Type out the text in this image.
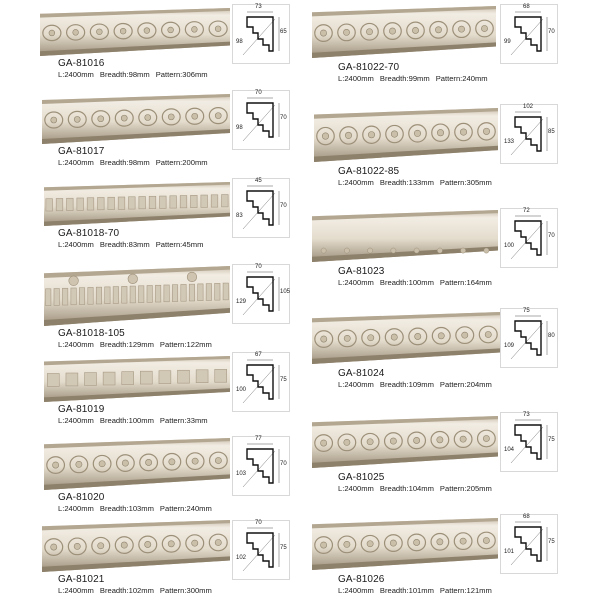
73
65
98
GA-81016
L:2400mm Breadth:98mm Pattern:306mm
70
70
98
GA-81017
L:2400mm Breadth:98mm Pattern:200mm
45
70
83
GA-81018-70
L:2400mm Breadth:83mm Pattern:45mm
70
105
129
GA-81018-105
L:2400mm Breadth:129mm Pattern:122mm
67
75
100
GA-81019
L:2400mm Breadth:100mm Pattern:33mm
77
70
103
GA-81020
L:2400mm Breadth:103mm Pattern:240mm
70
75
102
GA-81021
L:2400mm Breadth:102mm Pattern:300mm
68
70
99
GA-81022-70
L:2400mm Breadth:99mm Pattern:240mm
102
85
133
GA-81022-85
L:2400mm Breadth:133mm Pattern:305mm
72
70
100
GA-81023
L:2400mm Breadth:100mm Pattern:164mm
75
80
109
GA-81024
L:2400mm Breadth:109mm Pattern:204mm
73
75
104
GA-81025
L:2400mm Breadth:104mm Pattern:205mm
68
75
101
GA-81026
L:2400mm Breadth:101mm Pattern:121mm
